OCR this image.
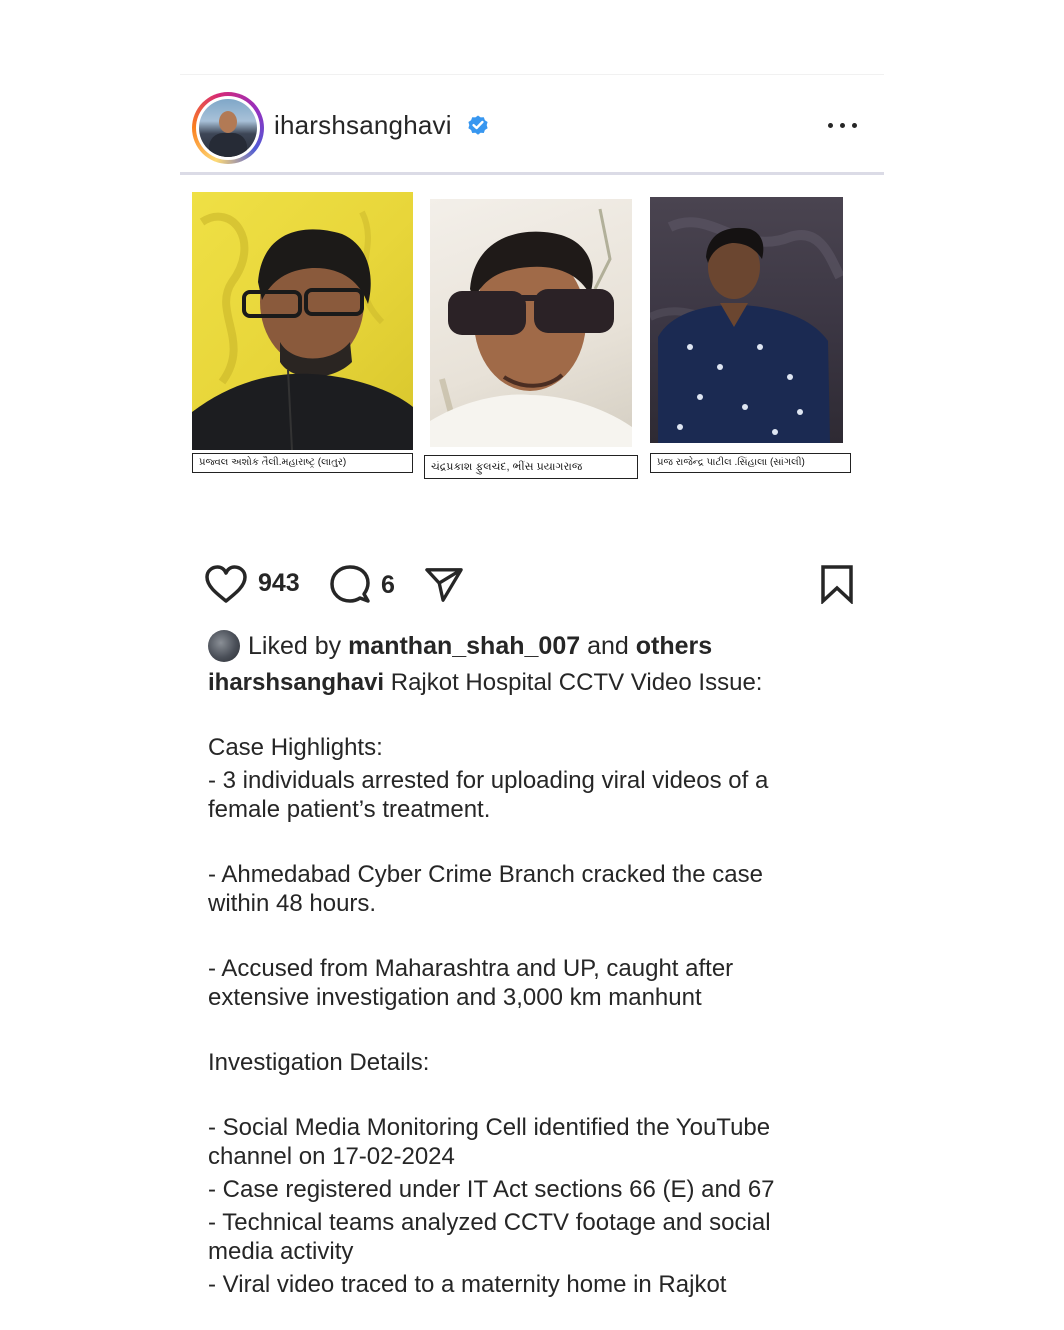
iharshsanghavi
પ્રજ્વલ અશોક તૈલી.મહારાષ્ટ્ર (લાતુર)	ચંદ્રપ્રકાશ ફુલચંદ, ભીંસ પ્રયાગરાજ	પ્રજ રાજેન્દ્ર પાટીલ .સિંહાલા (સાંગલી)
943	6
Liked by manthan_shah_007 and others

iharshsanghavi Rajkot Hospital CCTV Video Issue:

Case Highlights:

- 3 individuals arrested for uploading viral videos of a

female patient’s treatment.

- Ahmedabad Cyber Crime Branch cracked the case

within 48 hours.

- Accused from Maharashtra and UP, caught after

extensive investigation and 3,000 km manhunt

Investigation Details:

- Social Media Monitoring Cell identified the YouTube

channel on 17-02-2024

- Case registered under IT Act sections 66 (E) and 67

- Technical teams analyzed CCTV footage and social

media activity

- Viral video traced to a maternity home in Rajkot
